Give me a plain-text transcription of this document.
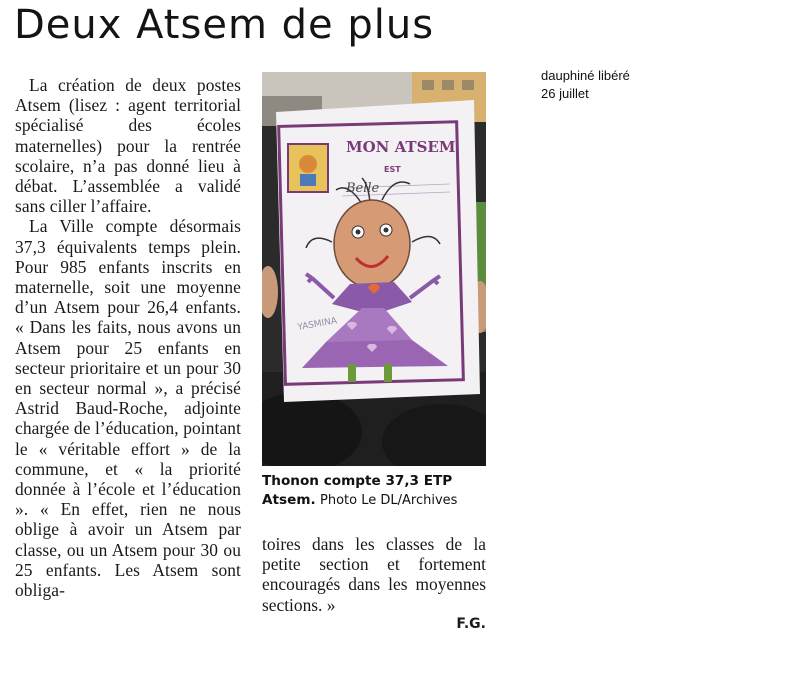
Deux Atsem de plus

La création de deux postes Atsem (lisez : agent territorial spécialisé des écoles maternelles) pour la rentrée scolaire, n’a pas donné lieu à débat. L’assemblée a validé sans ciller l’affaire.

La Ville compte désormais 37,3 équivalents temps plein. Pour 985 enfants inscrits en maternelle, soit une moyenne d’un Atsem pour 26,4 enfants. « Dans les faits, nous avons un Atsem pour 25 enfants en secteur prioritaire et un pour 30 en secteur normal », a précisé Astrid Baud-Roche, adjointe chargée de l’éducation, pointant le « véritable effort » de la commune, et « la priorité donnée à l’école et l’éducation ». « En effet, rien ne nous oblige à avoir un Atsem par classe, ou un Atsem pour 30 ou 25 enfants. Les Atsem sont obliga-

MON ATSEM
EST
Belle
YASMINA
Thonon compte 37,3 ETP Atsem. Photo Le DL/Archives

toires dans les classes de la petite section et fortement encouragés dans les moyennes sections. »

F.G.
dauphiné libéré
26 juillet
